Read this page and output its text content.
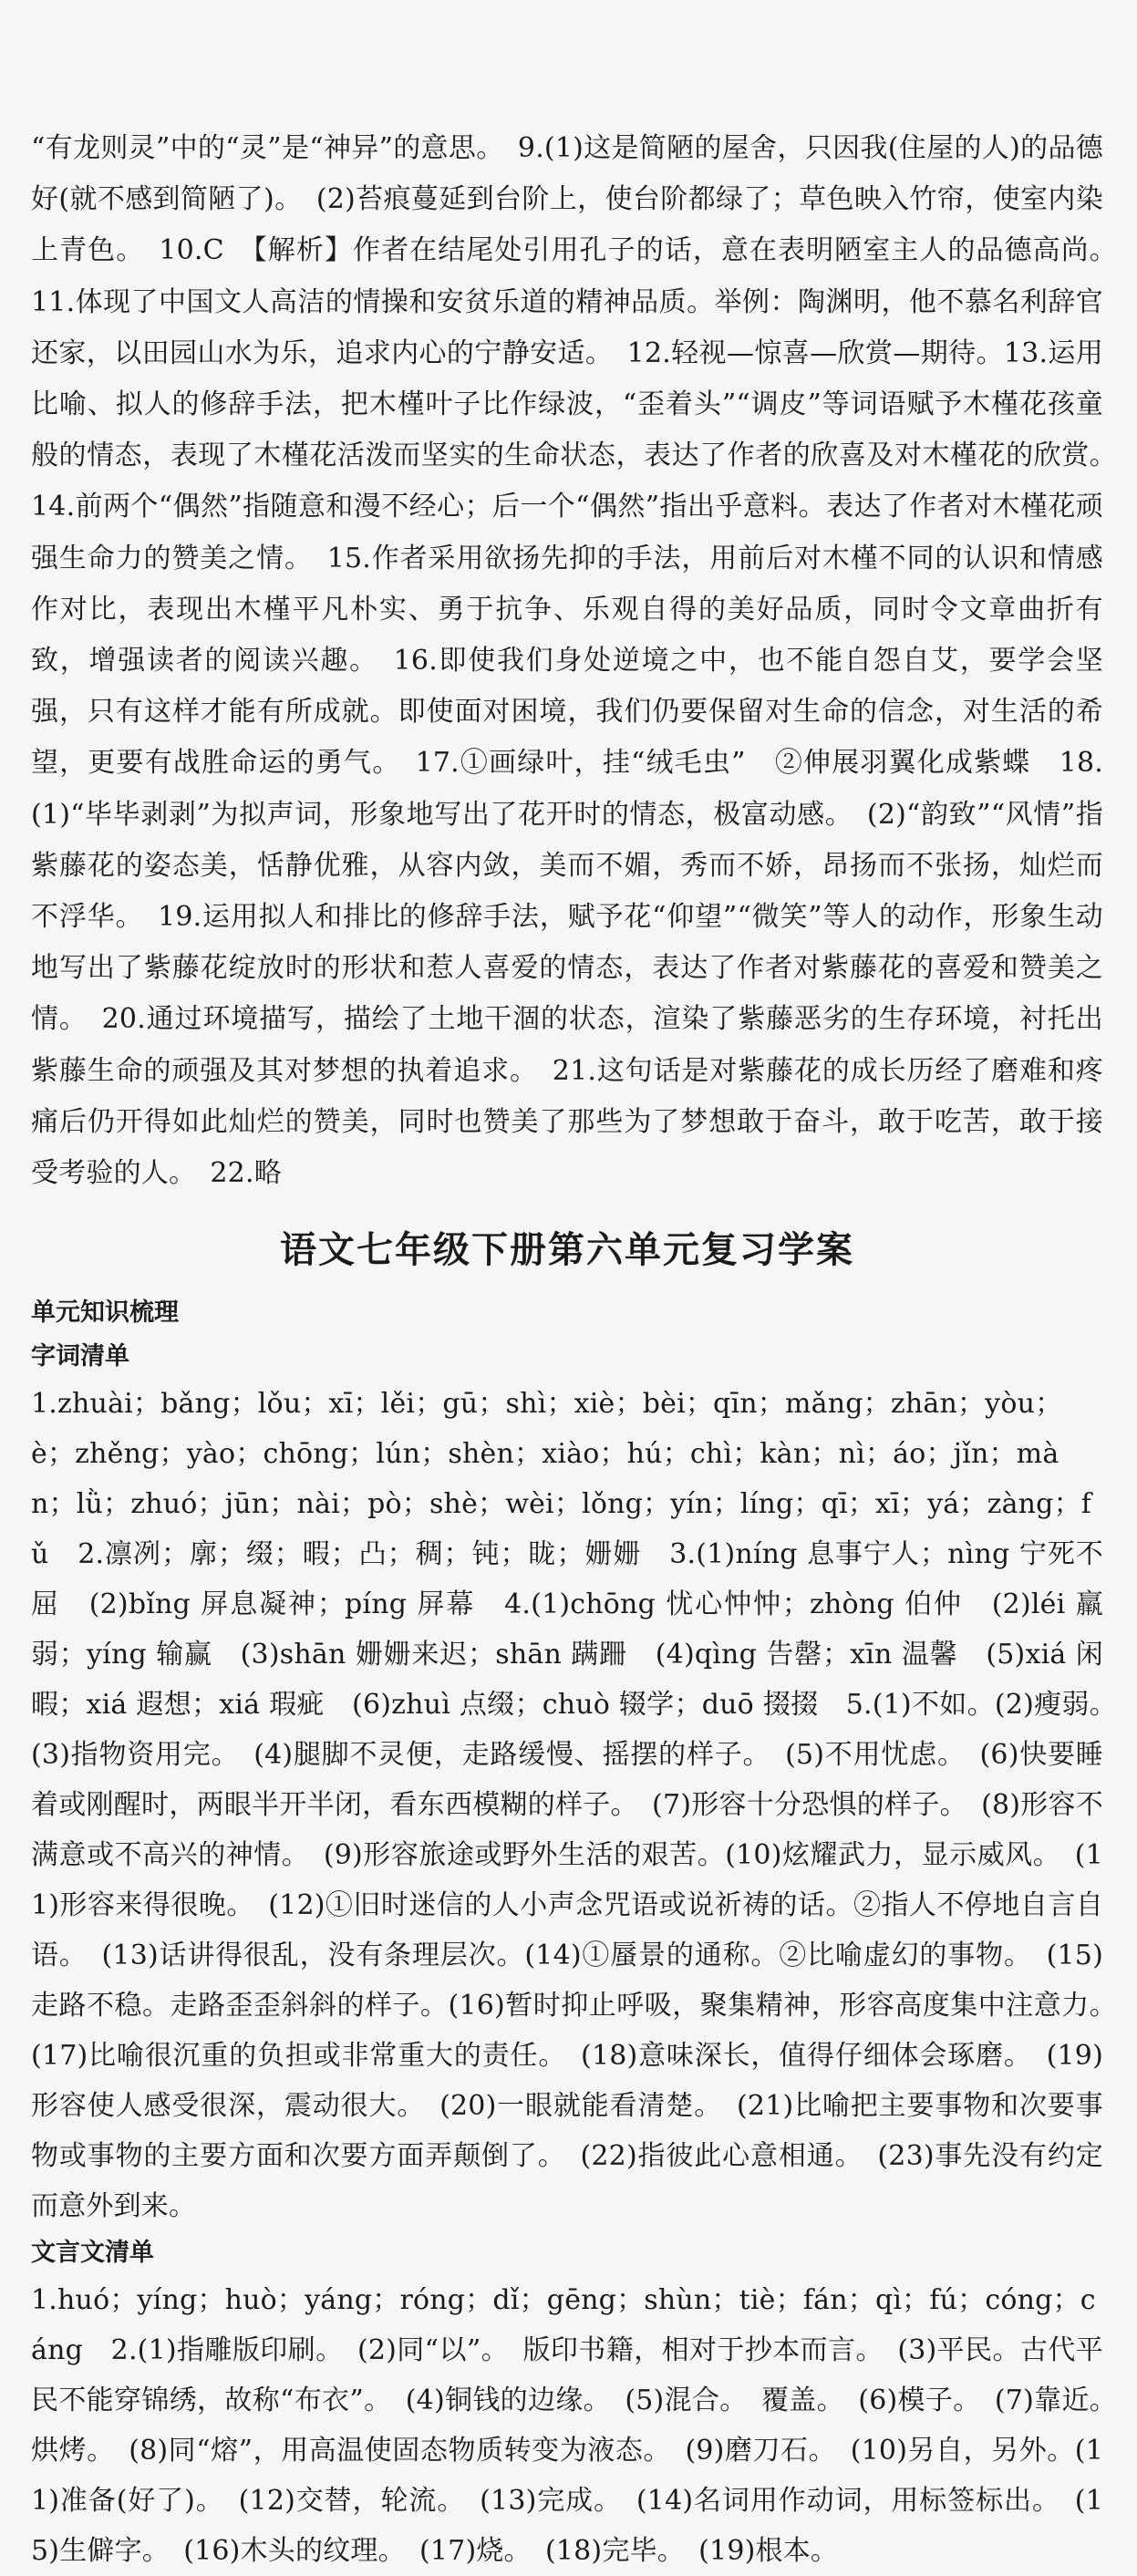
“有龙则灵”中的“灵”是“神异”的意思。　9.(1)这是简陋的屋舍，只因我(住屋的人)的品德好(就不感到简陋了)。　(2)苔痕蔓延到台阶上，使台阶都绿了；草色映入竹帘，使室内染上青色。　10.C　【解析】作者在结尾处引用孔子的话，意在表明陋室主人的品德高尚。　11.体现了中国文人高洁的情操和安贫乐道的精神品质。举例：陶渊明，他不慕名利辞官还家，以田园山水为乐，追求内心的宁静安适。　12.轻视—惊喜—欣赏—期待。13.运用比喻、拟人的修辞手法，把木槿叶子比作绿波，“歪着头”“调皮”等词语赋予木槿花孩童般的情态，表现了木槿花活泼而坚实的生命状态，表达了作者的欣喜及对木槿花的欣赏。　14.前两个“偶然”指随意和漫不经心；后一个“偶然”指出乎意料。表达了作者对木槿花顽强生命力的赞美之情。　15.作者采用欲扬先抑的手法，用前后对木槿不同的认识和情感作对比，表现出木槿平凡朴实、勇于抗争、乐观自得的美好品质，同时令文章曲折有致，增强读者的阅读兴趣。　16.即使我们身处逆境之中，也不能自怨自艾，要学会坚强，只有这样才能有所成就。即使面对困境，我们仍要保留对生命的信念，对生活的希望，更要有战胜命运的勇气。　17.①画绿叶，挂“绒毛虫”　②伸展羽翼化成紫蝶　18.(1)“毕毕剥剥”为拟声词，形象地写出了花开时的情态，极富动感。　(2)“韵致”“风情”指紫藤花的姿态美，恬静优雅，从容内敛，美而不媚，秀而不娇，昂扬而不张扬，灿烂而不浮华。　19.运用拟人和排比的修辞手法，赋予花“仰望”“微笑”等人的动作，形象生动地写出了紫藤花绽放时的形状和惹人喜爱的情态，表达了作者对紫藤花的喜爱和赞美之情。　20.通过环境描写，描绘了土地干涸的状态，渲染了紫藤恶劣的生存环境，衬托出紫藤生命的顽强及其对梦想的执着追求。　21.这句话是对紫藤花的成长历经了磨难和疼痛后仍开得如此灿烂的赞美，同时也赞美了那些为了梦想敢于奋斗，敢于吃苦，敢于接受考验的人。　22.略

语文七年级下册第六单元复习学案
单元知识梳理
字词清单

1.zhuài；bǎng；lǒu；xī；lěi；gū；shì；xiè；bèi；qīn；mǎng；zhān；yòu；è；zhěng；yào；chōng；lún；shèn；xiào；hú；chì；kàn；nì；áo；jǐn；màn；lǜ；zhuó；jūn；nài；pò；shè；wèi；lǒng；yín；líng；qī；xī；yá；zàng；fǔ　2.凛冽；廓；缀；暇；凸；稠；钝；眬；姗姗　3.(1)níng 息事宁人；nìng 宁死不屈　(2)bǐng 屏息凝神；píng 屏幕　4.(1)chōng 忧心忡忡；zhòng 伯仲　(2)léi 羸弱；yíng 输赢　(3)shān 姗姗来迟；shān 蹒跚　(4)qìng 告罄；xīn 温馨　(5)xiá 闲暇；xiá 遐想；xiá 瑕疵　(6)zhuì 点缀；chuò 辍学；duō 掇掇　5.(1)不如。(2)瘦弱。　(3)指物资用完。　(4)腿脚不灵便，走路缓慢、摇摆的样子。　(5)不用忧虑。　(6)快要睡着或刚醒时，两眼半开半闭，看东西模糊的样子。　(7)形容十分恐惧的样子。　(8)形容不满意或不高兴的神情。　(9)形容旅途或野外生活的艰苦。(10)炫耀武力，显示威风。　(11)形容来得很晚。　(12)①旧时迷信的人小声念咒语或说祈祷的话。②指人不停地自言自语。　(13)话讲得很乱，没有条理层次。(14)①蜃景的通称。②比喻虚幻的事物。　(15)走路不稳。走路歪歪斜斜的样子。(16)暂时抑止呼吸，聚集精神，形容高度集中注意力。　(17)比喻很沉重的负担或非常重大的责任。　(18)意味深长，值得仔细体会琢磨。　(19)形容使人感受很深，震动很大。　(20)一眼就能看清楚。　(21)比喻把主要事物和次要事物或事物的主要方面和次要方面弄颠倒了。　(22)指彼此心意相通。　(23)事先没有约定而意外到来。

文言文清单

1.huó；yíng；huò；yáng；róng；dǐ；gēng；shùn；tiè；fán；qì；fú；cóng；cáng　2.(1)指雕版印刷。　(2)同“以”。　版印书籍，相对于抄本而言。　(3)平民。古代平民不能穿锦绣，故称“布衣”。　(4)铜钱的边缘。　(5)混合。　覆盖。　(6)模子。　(7)靠近。　烘烤。　(8)同“熔”，用高温使固态物质转变为液态。　(9)磨刀石。　(10)另自，另外。(11)准备(好了)。　(12)交替，轮流。　(13)完成。　(14)名词用作动词，用标签标出。　(15)生僻字。　(16)木头的纹理。　(17)烧。　(18)完毕。　(19)根本。
